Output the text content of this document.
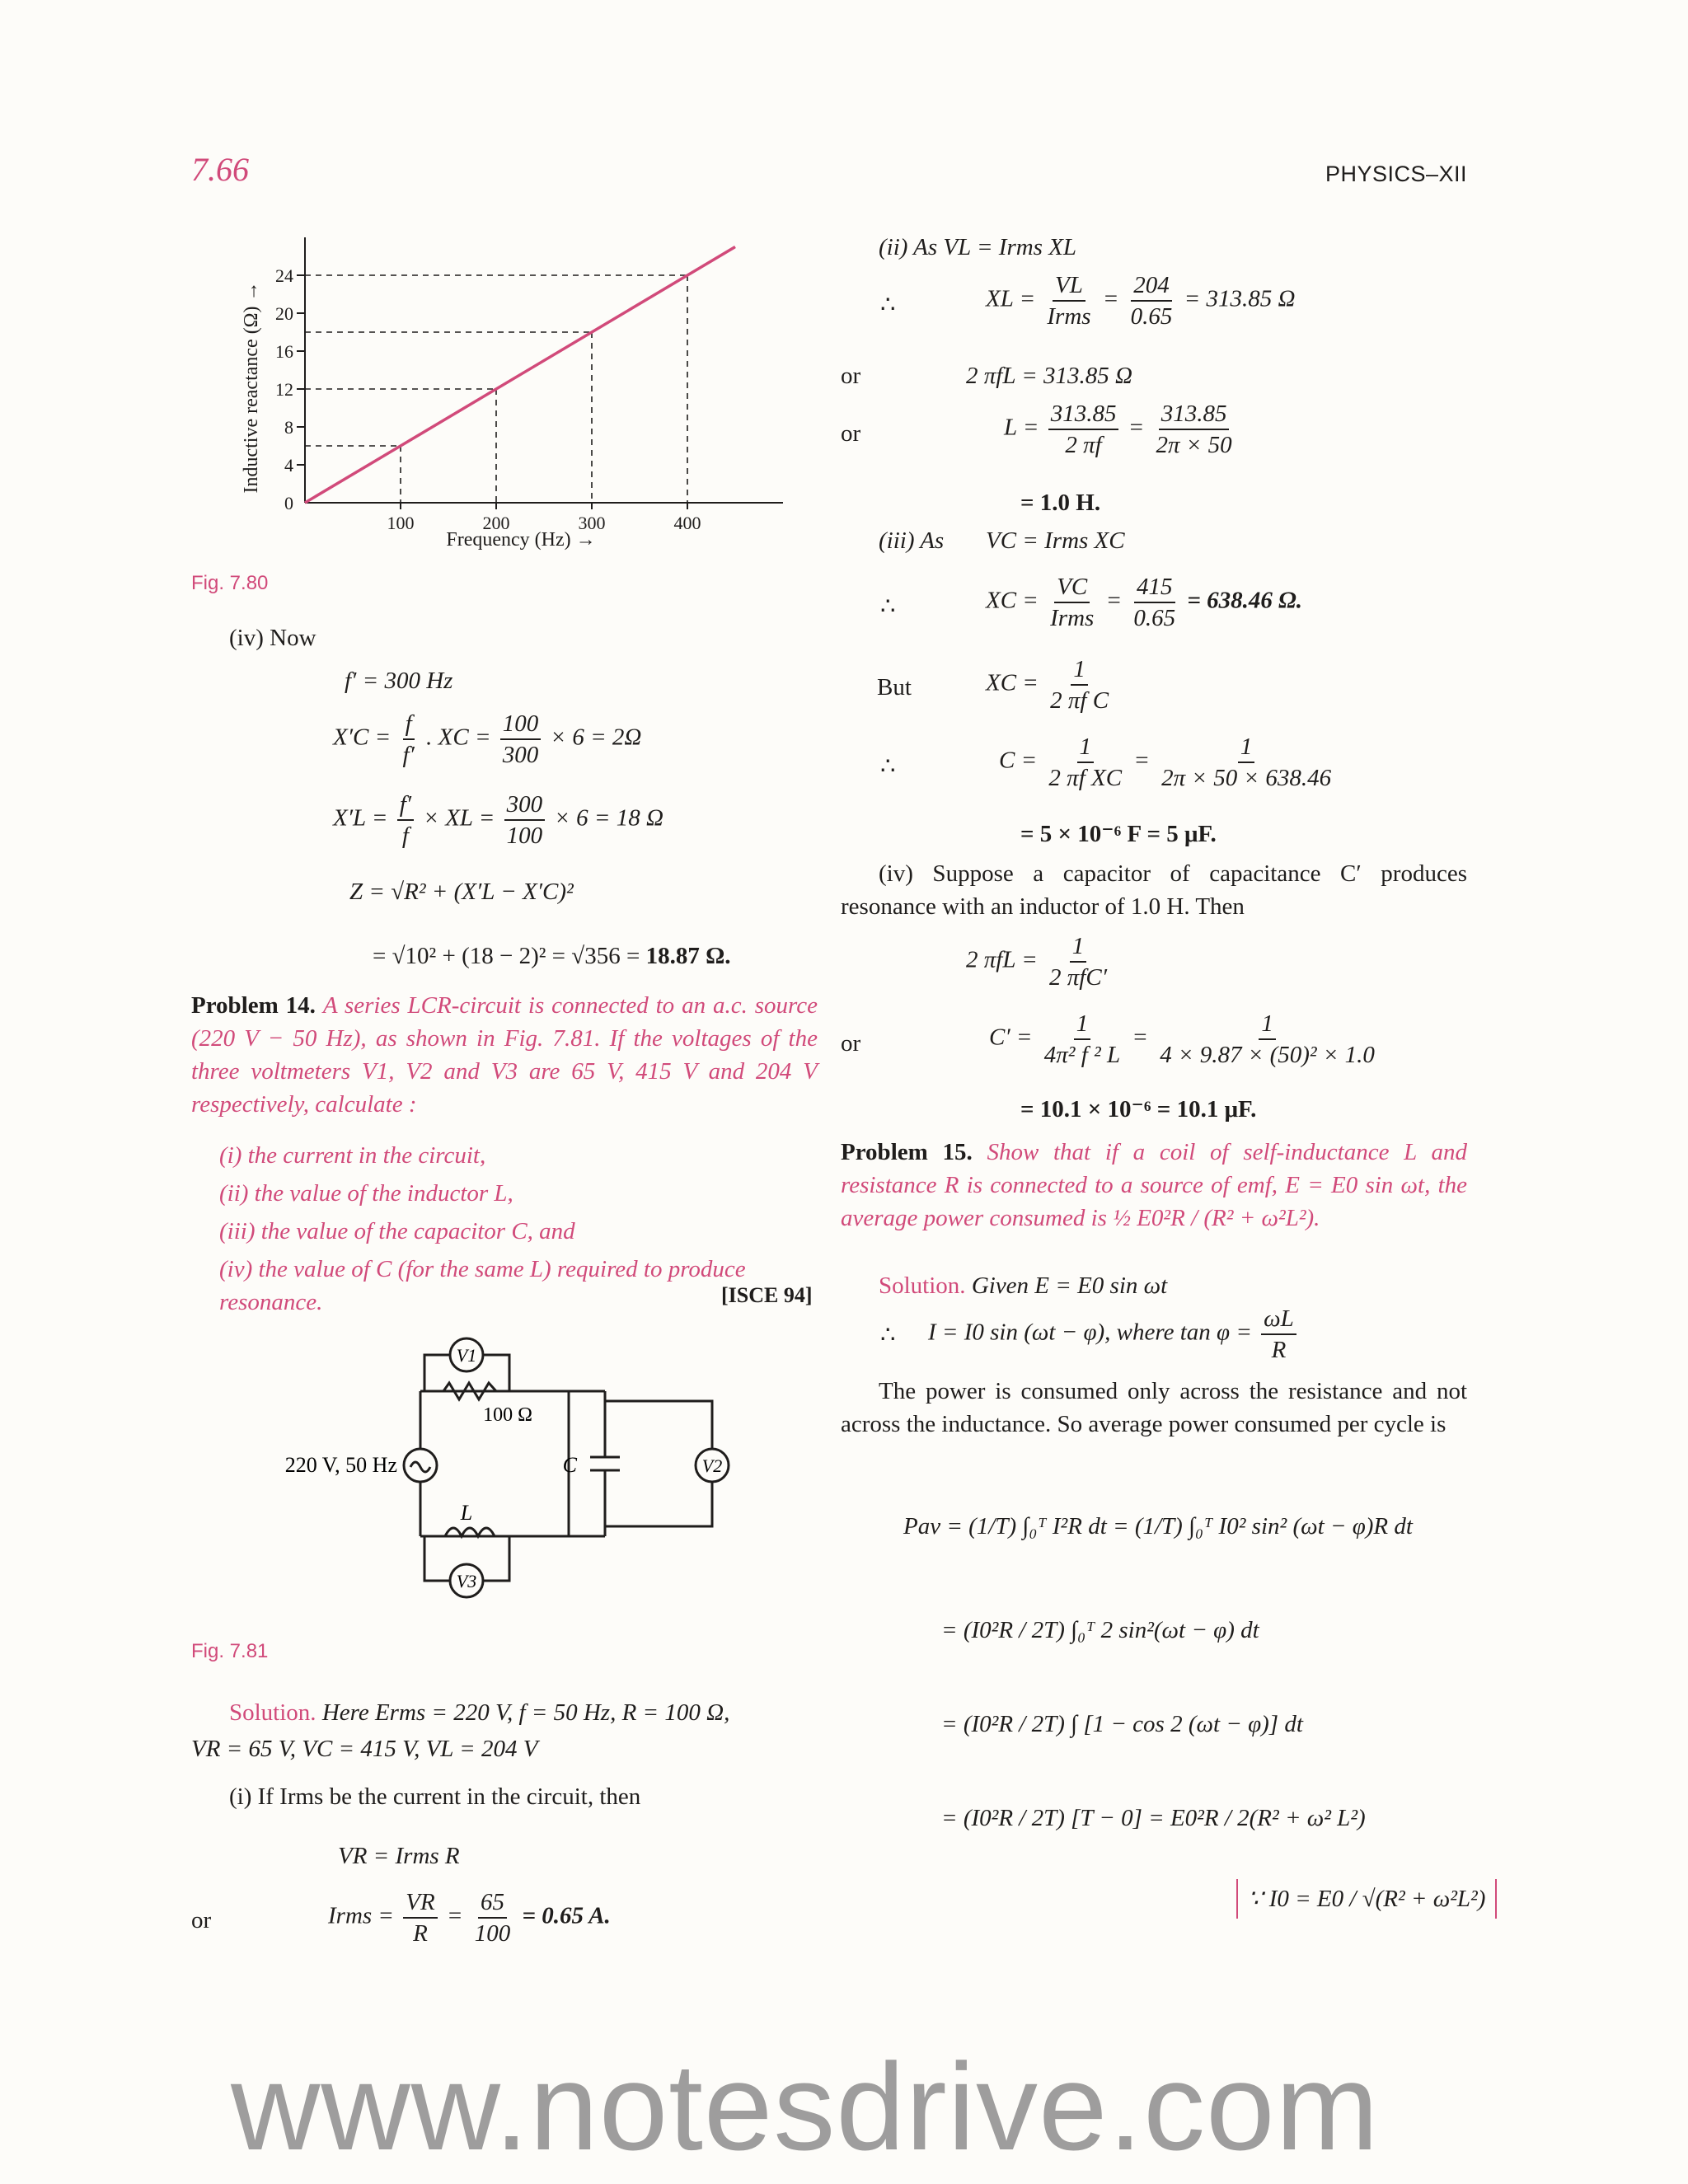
7.66	PHYSICS–XII
0
4
8
12
16
20
24
100	200	300	400
Inductive reactance (Ω) →
Frequency (Hz) →
Fig. 7.80
(iv) Now
f′ = 300 Hz
$X'C = \frac{f}{f'}$ . XC = $\frac{100}{300} \times 6 = 2\Omega$
$X'L = \frac{f'}{f}$ × XL = $\frac{300}{100} \times 6 = 18$ Ω
Z = √R² + (X′L − X′C)²
= √10² + (18 − 2)² = √356 = 18.87 Ω.
Problem 14. A series LCR-circuit is connected to an a.c. source (220 V − 50 Hz), as shown in Fig. 7.81. If the voltages of the three voltmeters V1, V2 and V3 are 65 V, 415 V and 204 V respectively, calculate :
(i) the current in the circuit,
(ii) the value of the inductor L,
(iii) the value of the capacitor C, and
(iv) the value of C (for the same L) required to produce resonance.	[ISCE 94]
V1
V2
V3
100 Ω
C
L
220 V, 50 Hz
Fig. 7.81
Solution. Here Erms = 220 V, f = 50 Hz, R = 100 Ω,
VR = 65 V, VC = 415 V, VL = 204 V
(i) If Irms be the current in the circuit, then
VR = Irms R
or	Irms = $\frac{VR}{R} = \frac{65}{100} = 0.65$ A.
(ii) As VL = Irms XL
∴	XL = $\frac{VL}{\text{Irms}} = \frac{204}{0.65} = 313.85$ Ω
or	2 πfL = 313.85 Ω
or	$L = \frac{313.85}{2 \pi f} = \frac{313.85}{2\pi \times 50}$
= 1.0 H.
(iii) As VC = Irms XC
∴	XC = $\frac{VC}{\text{Irms}} = \frac{415}{0.65} = 638.46$ Ω.
But	XC = $\frac{1}{\text{2 πf C}}$
∴	$C = \frac{1}{\text{2 πf XC}} = \frac{1}{2\pi \times 50 \times 638.46}$
= 5 × 10⁻⁶ F = 5 μF.
(iv) Suppose a capacitor of capacitance C′ produces resonance with an inductor of 1.0 H. Then
2 $\pi fL = \frac{1}{\text{2 πfC′}}$
or	$C' = \frac{1}{\text{4π² f ² L}} = \frac{1}{\text{4 × 9.87 × (50)² × 1.0}}$
= 10.1 × 10⁻⁶ = 10.1 μF.
Problem 15. Show that if a coil of self-inductance L and resistance R is connected to a source of emf, E = E0 sin ωt, the average power consumed is ½ E0²R / (R² + ω²L²).
Solution. Given E = E0 sin ωt
∴ I = I0 sin (ωt − φ), where $\tan \varphi = \frac{\omega L}{R}$
The power is consumed only across the resistance and not across the inductance. So average power consumed per cycle is
Pav = (1/T) ∫₀ᵀ I²R dt = (1/T) ∫₀ᵀ I0² sin² (ωt − φ)R dt
= (I0²R / 2T) ∫₀ᵀ 2 sin²(ωt − φ) dt
= (I0²R / 2T) ∫ [1 − cos 2 (ωt − φ)] dt
= (I0²R / 2T) [T − 0] = E0²R / 2(R² + ω² L²)
∵ I0 = E0 / √(R² + ω²L²)
www.notesdrive.com
